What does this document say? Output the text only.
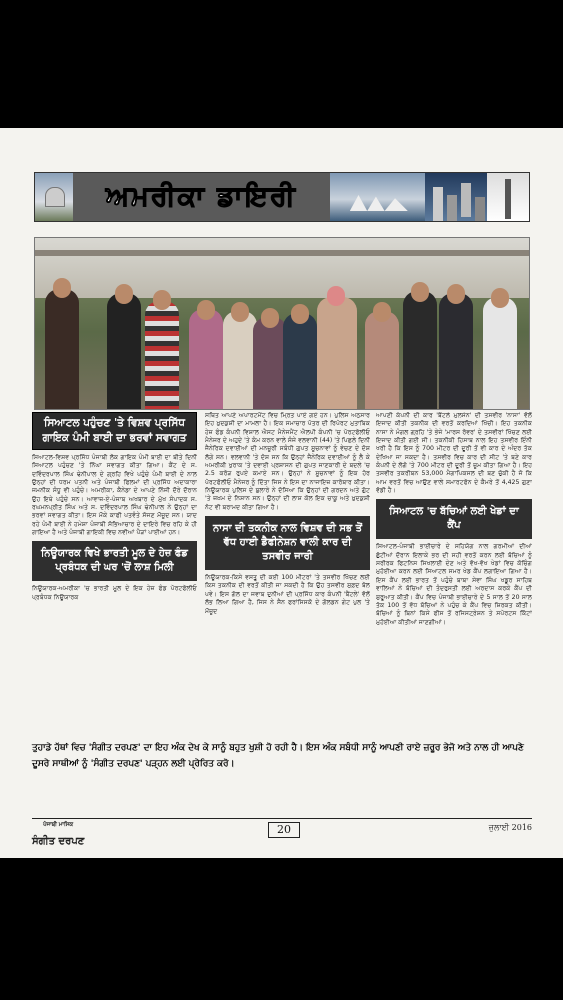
ਅਮਰੀਕਾ ਡਾਇਰੀ
ਸਿਆਟਲ ਪਹੁੰਚਣ 'ਤੇ ਵਿਸ਼ਵ ਪ੍ਰਸਿੱਧ ਗਾਇਕ ਪੰਮੀ ਬਾਈ ਦਾ ਭਰਵਾਂ ਸਵਾਗਤ

ਸਿਆਟਲ-ਵਿਸ਼ਵ ਪ੍ਰਸਿੱਧ ਪੰਜਾਬੀ ਲੋਕ ਗਾਇਕ ਪੰਮੀ ਬਾਈ ਦਾ ਬੀਤੇ ਦਿਨੀਂ ਸਿਆਟਲ ਪਹੁੰਚਣ 'ਤੇ ਨਿੱਘਾ ਸਵਾਗਤ ਕੀਤਾ ਗਿਆ। ਕੈਂਟ ਦੇ ਸ. ਦਵਿੰਦਰਪਾਲ ਸਿੰਘ ਢੇਨੀਪਾਲ ਦੇ ਗ੍ਰਹਿ ਵਿਖੇ ਪਹੁੰਚੇ ਪੰਮੀ ਬਾਈ ਦੇ ਨਾਲ ਉਨ੍ਹਾਂ ਦੀ ਧਰਮ ਪਤਨੀ ਅਤੇ ਪੰਜਾਬੀ ਫਿਲਮਾਂ ਦੀ ਪ੍ਰਸਿੱਧ ਅਦਾਕਾਰਾ ਜਮਨੀਕ ਸੰਧੂ ਵੀ ਪਹੁੰਚੇ। ਅਮਰੀਕਾ, ਕੈਨੇਡਾ ਦੇ ਆਪਣੇ ਨਿੱਜੀ ਦੌਰੇ ਦੌਰਾਨ ਉਹ ਇਥੇ ਪਹੁੰਚੇ ਸਨ। ਆਵਾਜ਼-ਏ-ਪੰਜਾਬ ਅਖਬਾਰ ਦੇ ਮੁੱਖ ਸੰਪਾਦਕ ਸ. ਰਘਮਨਪ੍ਰੀਤ ਸਿੰਘ ਅਤੇ ਸ. ਦਵਿੰਦਰਪਾਲ ਸਿੰਘ ਢੇਨੀਪਾਲ ਨੇ ਉਨ੍ਹਾਂ ਦਾ ਭਰਵਾਂ ਸਵਾਗਤ ਕੀਤਾ। ਇਸ ਮੌਕੇ ਕਾਫੀ ਪਤਵੰਤੇ ਸੱਜਣ ਮੌਜੂਦ ਸਨ। ਯਾਦ ਰਹੇ ਪੰਮੀ ਬਾਈ ਨੇ ਹਮੇਸ਼ਾ ਪੰਜਾਬੀ ਸੱਭਿਆਚਾਰ ਦੇ ਦਾਇਰੇ ਵਿਚ ਰਹਿ ਕੇ ਹੀ ਗਾਇਆ ਹੈ ਅਤੇ ਪੰਜਾਬੀ ਗਾਇਕੀ ਵਿਚ ਨਵੀਆਂ ਪੈੜਾਂ ਪਾਈਆਂ ਹਨ।

ਨਿਊਯਾਰਕ ਵਿਖੇ ਭਾਰਤੀ ਮੂਲ ਦੇ ਹੇਜ਼ ਫੰਡ ਪ੍ਰਬੰਧਕ ਦੀ ਘਰ 'ਚੋਂ ਲਾਸ਼ ਮਿਲੀ

ਨਿਊਯਾਰਕ-ਅਮਰੀਕਾ 'ਚ ਭਾਰਤੀ ਮੂਲ ਦੇ ਇਕ ਹੇਜ਼ ਫੰਡ ਪੋਰਟਫੋਲੀਓ ਪ੍ਰਬੰਧਕ ਨਿਊਯਾਰਕ

ਸਥਿਤ ਆਪਣੇ ਅਪਾਰਟਮੈਂਟ ਵਿਚ ਮ੍ਰਿਤ ਪਾਏ ਗਏ ਹਨ। ਪੁਲਿਸ ਅਨੁਸਾਰ ਇਹ ਖ਼ੁਦਕੁਸ਼ੀ ਦਾ ਮਾਮਲਾ ਹੈ। ਇਕ ਸਮਾਚਾਰ ਪੱਤਰ ਦੀ ਰਿਪੋਰਟ ਮੁਤਾਬਿਕ ਹੇਜ਼ ਫੰਡ ਕੰਪਨੀ ਵਿਸ਼ਾਲ ਐਸਟ ਮੈਨੇਜਮੈਂਟ ਐਲਪੀ ਕੰਪਨੀ 'ਚ ਪੋਰਟਫੋਲੀਓ ਮੈਨੇਜਰ ਦੇ ਅਹੁਦੇ 'ਤੇ ਕੰਮ ਕਰਨ ਵਾਲੇ ਸੰਜੇ ਵਲਵਾਨੀ (44) 'ਤੇ ਪਿਛਲੇ ਦਿਨੀਂ ਜੈਨੇਰਿਕ ਦਵਾਈਆਂ ਦੀ ਮਨਜ਼ੂਰੀ ਸਬੰਧੀ ਗੁਪਤ ਸੂਚਨਾਵਾਂ ਨੂੰ ਵੇਚਣ ਦੇ ਦੋਸ਼ ਲੱਗੇ ਸਨ। ਵਲਵਾਨੀ 'ਤੇ ਦੋਸ਼ ਸਨ ਕਿ ਉਨ੍ਹਾਂ ਜੈਨੇਰਿਕ ਦਵਾਈਆਂ ਨੂੰ ਲੈ ਕੇ ਅਮਰੀਕੀ ਖੁਰਾਕ 'ਤੇ ਦਵਾਈ ਪ੍ਰਸ਼ਾਸਨ ਦੀ ਗੁਪਤ ਜਾਣਕਾਰੀ ਦੇ ਬਦਲੇ 'ਚ 2.5 ਕਰੋੜ ਰੁਪਏ ਕਮਾਏ ਸਨ। ਉਨ੍ਹਾਂ ਨੇ ਸੂਚਨਾਵਾਂ ਨੂੰ ਇਕ ਹੋਰ ਪੋਰਟਫੋਲੀਓ ਮੈਨੇਜਰ ਨੂੰ ਦਿੱਤਾ ਜਿਸ ਨੇ ਇਸ ਦਾ ਨਾਜਾਇਜ਼ ਕਾਰੋਬਾਰ ਕੀਤਾ। ਨਿਊਯਾਰਕ ਪੁਲਿਸ ਦੇ ਬੁਲਾਰੇ ਨੇ ਦੱਸਿਆ ਕਿ ਉਨ੍ਹਾਂ ਦੀ ਗਰਦਨ ਅਤੇ ਗੁੱਟ 'ਤੇ ਜ਼ਖ਼ਮ ਦੇ ਨਿਸ਼ਾਨ ਸਨ। ਉਨ੍ਹਾਂ ਦੀ ਲਾਸ਼ ਕੋਲ ਇਕ ਚਾਕੂ ਅਤੇ ਖ਼ੁਦਕੁਸ਼ੀ ਨੋਟ ਵੀ ਬਰਾਮਦ ਕੀਤਾ ਗਿਆ ਹੈ।

ਨਾਸਾ ਦੀ ਤਕਨੀਕ ਨਾਲ ਵਿਸ਼ਵ ਦੀ ਸਭ ਤੋਂ ਵੱਧ ਹਾਈ ਡੈਫੀਨੇਸ਼ਨ ਵਾਲੀ ਕਾਰ ਦੀ ਤਸਵੀਰ ਜਾਰੀ

ਨਿਊਯਾਰਕ-ਕਿਸੇ ਵਸਤੂ ਦੀ ਕਈ 100 ਮੀਟਰਾਂ 'ਤੇ ਤਸਵੀਰ ਖਿੱਚਣ ਲਈ ਕਿਸ ਤਕਨੀਕ ਦੀ ਵਰਤੋਂ ਕੀਤੀ ਜਾ ਸਕਦੀ ਹੈ ਕਿ ਉਹ ਤਸਵੀਰ ਸੁਫ਼ਦ ਬੋਲ ਪਵੇ। ਇਸ ਗੱਲ ਦਾ ਜਵਾਬ ਦੁਨੀਆਂ ਦੀ ਪ੍ਰਸਿੱਧ ਕਾਰ ਕੰਪਨੀ 'ਬੈਂਟਲੇ' ਵੱਲੋਂ ਲੱਭ ਲਿਆ ਗਿਆ ਹੈ, ਜਿਸ ਨੇ ਸੈਨ ਫਰਾਂਸਿਸਕੋ ਦੇ ਗੋਲਡਨ ਗੇਟ ਪੁਲ 'ਤੇ ਮੌਜੂਦ

ਆਪਣੀ ਕੰਪਨੀ ਦੀ ਕਾਰ 'ਬੈਂਟਲੇ ਮੁਲਸੇਨ' ਦੀ ਤਸਵੀਰ 'ਨਾਸਾ' ਵੱਲੋਂ ਇਜਾਦ ਕੀਤੀ ਤਕਨੀਕ ਦੀ ਵਰਤੋਂ ਕਰਦਿਆਂ ਖਿੱਚੀ। ਇਹ ਤਕਨੀਕ ਨਾਸਾ ਨੇ ਮੰਗਲ ਗ੍ਰਹਿ 'ਤੇ ਭੇਜੇ 'ਮਾਰਸ ਰੋਵਰ' ਦੇ ਤਸਵੀਰਾਂ ਖਿੱਚਣ ਲਈ ਇਜਾਦ ਕੀਤੀ ਗਈ ਸੀ। ਤਕਨੀਕੀ ਹਿਸਾਬ ਨਾਲ ਇਹ ਤਸਵੀਰ ਇੰਨੀ ਖਰੀ ਹੈ ਕਿ ਇਸ ਨੂੰ 700 ਮੀਟਰ ਦੀ ਦੂਰੀ ਤੋਂ ਵੀ ਕਾਰ ਦੇ ਅੰਦਰ ਤੱਕ ਦੇਖਿਆ ਜਾ ਸਕਦਾ ਹੈ। ਤਸਵੀਰ ਵਿਚ ਕਾਰ ਦੀ ਸੀਟ 'ਤੇ ਬਣੇ ਕਾਰ ਕੰਪਨੀ ਦੇ ਲੋਗੋ 'ਤੇ 700 ਮੀਟਰ ਦੀ ਦੂਰੀ ਤੋਂ ਜ਼ੂਮ ਕੀਤਾ ਗਿਆ ਹੈ। ਇਹ ਤਸਵੀਰ ਤਕਰੀਬਨ 53,000 ਮੈਗਾਪਿਕਸਲ ਦੀ ਬਣ ਚੁੱਕੀ ਹੈ ਜੋ ਕਿ ਆਮ ਵਰਤੋਂ ਵਿਚ ਆਉਣ ਵਾਲੇ ਸਮਾਰਟਫੋਨ ਦੇ ਕੈਮਰੇ ਤੋਂ 4,425 ਗੁਣਾ ਵੱਡੀ ਹੈ।

ਸਿਆਟਲ 'ਚ ਬੱਚਿਆਂ ਲਈ ਖੇਡਾਂ ਦਾ ਕੈਂਪ

ਸਿਆਟਲ-ਪੰਜਾਬੀ ਭਾਈਚਾਰੇ ਦੇ ਸਹਿਯੋਗ ਨਾਲ ਗਰਮੀਆਂ ਦੀਆਂ ਛੁੱਟੀਆਂ ਦੌਰਾਨ ਇਲਾਕੇ ਭਰ ਦੀ ਸਹੀ ਵਰਤੋਂ ਕਰਨ ਲਈ ਬੱਚਿਆਂ ਨੂੰ ਸਰੀਰਕ ਫਿਟਨਿਸ ਸਿਖਲਾਈ ਦੇਣ ਅਤੇ ਵੱਖ-ਵੱਖ ਖੇਡਾਂ ਵਿਚ ਕੋਚਿੰਗ ਮੁਹੱਈਆ ਕਰਨ ਲਈ ਸਿਆਟਲ ਸਮਰ ਖੇਡ ਕੈਂਪ ਲਗਾਇਆ ਗਿਆ ਹੈ। ਇਸ ਕੈਂਪ ਲਈ ਭਾਰਤ ਤੋਂ ਪਹੁੰਚੇ ਬਾਬਾ ਸੇਵਾ ਸਿੰਘ ਖਡੂਰ ਸਾਹਿਬ ਵਾਲਿਆਂ ਨੇ ਬੱਚਿਆਂ ਦੀ ਤੰਦਰੁਸਤੀ ਲਈ ਅਰਦਾਸ ਕਰਕੇ ਕੈਂਪ ਦੀ ਸ਼ੁਰੂਆਤ ਕੀਤੀ। ਕੈਂਪ ਵਿਚ ਪੰਜਾਬੀ ਭਾਈਚਾਰੇ ਦੇ 5 ਸਾਲ ਤੋਂ 20 ਸਾਲ ਤੱਕ 100 ਤੋਂ ਵੱਧ ਬੱਚਿਆਂ ਨੇ ਪਹੁੰਚ ਕੇ ਕੈਂਪ ਵਿਚ ਸ਼ਿਰਕਤ ਕੀਤੀ। ਬੱਚਿਆਂ ਨੂੰ ਬਿਨਾਂ ਕਿਸੇ ਫੀਸ ਤੋਂ ਰਜਿਸਟ੍ਰੇਸ਼ਨ ਤੇ ਸਪੋਰਟਸ ਕਿੱਟਾਂ ਮੁਹੱਈਆ ਕੀਤੀਆਂ ਜਾਣਗੀਆਂ।

ਤੁਹਾਡੇ ਹੱਥਾਂ ਵਿਚ 'ਸੰਗੀਤ ਦਰਪਣ' ਦਾ ਇਹ ਅੰਕ ਦੇਖ ਕੇ ਸਾਨੂੰ ਬਹੁਤ ਖੁਸ਼ੀ ਹੋ ਰਹੀ ਹੈ। ਇਸ ਅੰਕ ਸਬੰਧੀ ਸਾਨੂੰ ਆਪਣੀ ਰਾਏ ਜ਼ਰੂਰ ਭੇਜੋ ਅਤੇ ਨਾਲ ਹੀ ਆਪਣੇ ਦੂਸਰੇ ਸਾਥੀਆਂ ਨੂੰ 'ਸੰਗੀਤ ਦਰਪਣ' ਪੜ੍ਹਨ ਲਈ ਪ੍ਰੇਰਿਤ ਕਰੋ।
ਪੰਜਾਬੀ ਮਾਸਿਕ
ਸੰਗੀਤ ਦਰਪਣ
20	ਜੁਲਾਈ 2016
